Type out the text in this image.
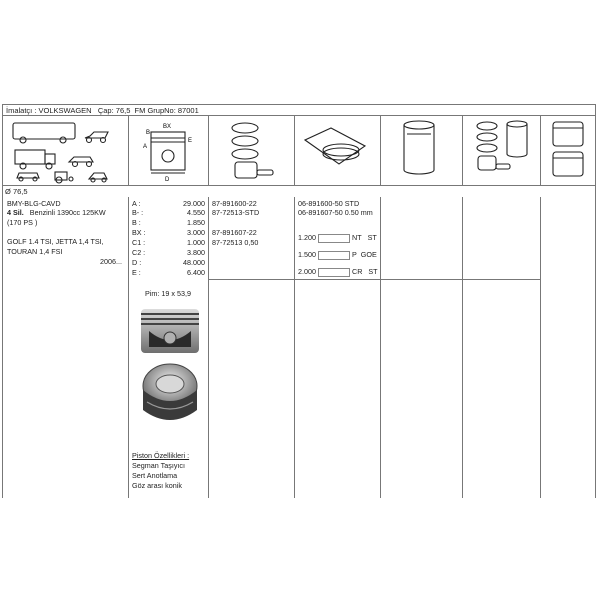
İmalatçı : VOLKSWAGEN Çap: 76,5 FM GrupNo: 87001
B
BX
A
E
D
Ø 76,5
BMY-BLG-CAVD
4 Sil. Benzinli 1390cc 125KW
(170 PS )
GOLF 1.4 TSI, JETTA 1,4 TSI,
TOURAN 1,4 FSI
2006...
A :	29.000
B- :	4.550
B :	1.850
BX :	3.000
C1 :	1.000
C2 :	3.800
D :	48.000
E :	6.400
Pim: 19 x 53,9
Piston Özellikleri :
Segman Taşıyıcı
Sert Anotlama
Göz arası konik
87-891600-22
87-72513-STD
87-891607-22
87-72513 0,50
06-891600-50 STD
06-891607-50 0.50 mm
1.200	NT ST
1.500	P GOE
2.000	CR ST
